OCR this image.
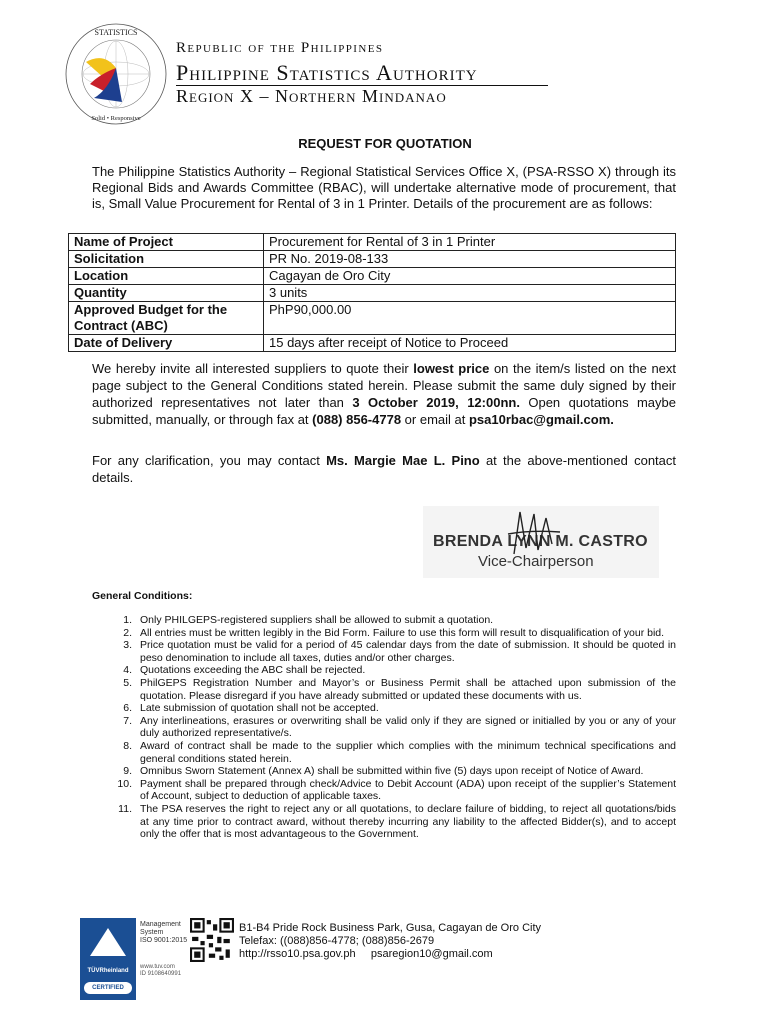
STATISTICS
Solid • Responsive
Republic of the Philippines
Philippine Statistics Authority
Region X – Northern Mindanao
REQUEST FOR QUOTATION
The Philippine Statistics Authority – Regional Statistical Services Office X, (PSA-RSSO X) through its Regional Bids and Awards Committee (RBAC), will undertake alternative mode of procurement, that is, Small Value Procurement for Rental of 3 in 1 Printer. Details of the procurement are as follows:
Name of Project	Procurement for Rental of 3 in 1 Printer
Solicitation	PR No. 2019-08-133
Location	Cagayan de Oro City
Quantity	3 units
Approved Budget for the Contract (ABC)	PhP90,000.00
Date of Delivery	15 days after receipt of Notice to Proceed
We hereby invite all interested suppliers to quote their lowest price on the item/s listed on the next page subject to the General Conditions stated herein. Please submit the same duly signed by their authorized representatives not later than 3 October 2019, 12:00nn. Open quotations maybe submitted, manually, or through fax at (088) 856-4778 or email at psa10rbac@gmail.com.
For any clarification, you may contact Ms. Margie Mae L. Pino at the above-mentioned contact details.
BRENDA LYNN M. CASTRO
Vice-Chairperson
General Conditions:
1. Only PHILGEPS-registered suppliers shall be allowed to submit a quotation.
2. All entries must be written legibly in the Bid Form. Failure to use this form will result to disqualification of your bid.
3. Price quotation must be valid for a period of 45 calendar days from the date of submission. It should be quoted in peso denomination to include all taxes, duties and/or other charges.
4. Quotations exceeding the ABC shall be rejected.
5. PhilGEPS Registration Number and Mayor’s or Business Permit shall be attached upon submission of the quotation. Please disregard if you have already submitted or updated these documents with us.
6. Late submission of quotation shall not be accepted.
7. Any interlineations, erasures or overwriting shall be valid only if they are signed or initialled by you or any of your duly authorized representative/s.
8. Award of contract shall be made to the supplier which complies with the minimum technical specifications and general conditions stated herein.
9. Omnibus Sworn Statement (Annex A) shall be submitted within five (5) days upon receipt of Notice of Award.
10. Payment shall be prepared through check/Advice to Debit Account (ADA) upon receipt of the supplier’s Statement of Account, subject to deduction of applicable taxes.
11. The PSA reserves the right to reject any or all quotations, to declare failure of bidding, to reject all quotations/bids at any time prior to contract award, without thereby incurring any liability to the affected Bidder(s), and to accept only the offer that is most advantageous to the Government.
TÜVRheinland
CERTIFIED
Management
System
ISO 9001:2015
www.tuv.com
ID 9108640991
B1-B4 Pride Rock Business Park, Gusa, Cagayan de Oro City
Telefax: ((088)856-4778; (088)856-2679
http://rsso10.psa.gov.ph psaregion10@gmail.com
